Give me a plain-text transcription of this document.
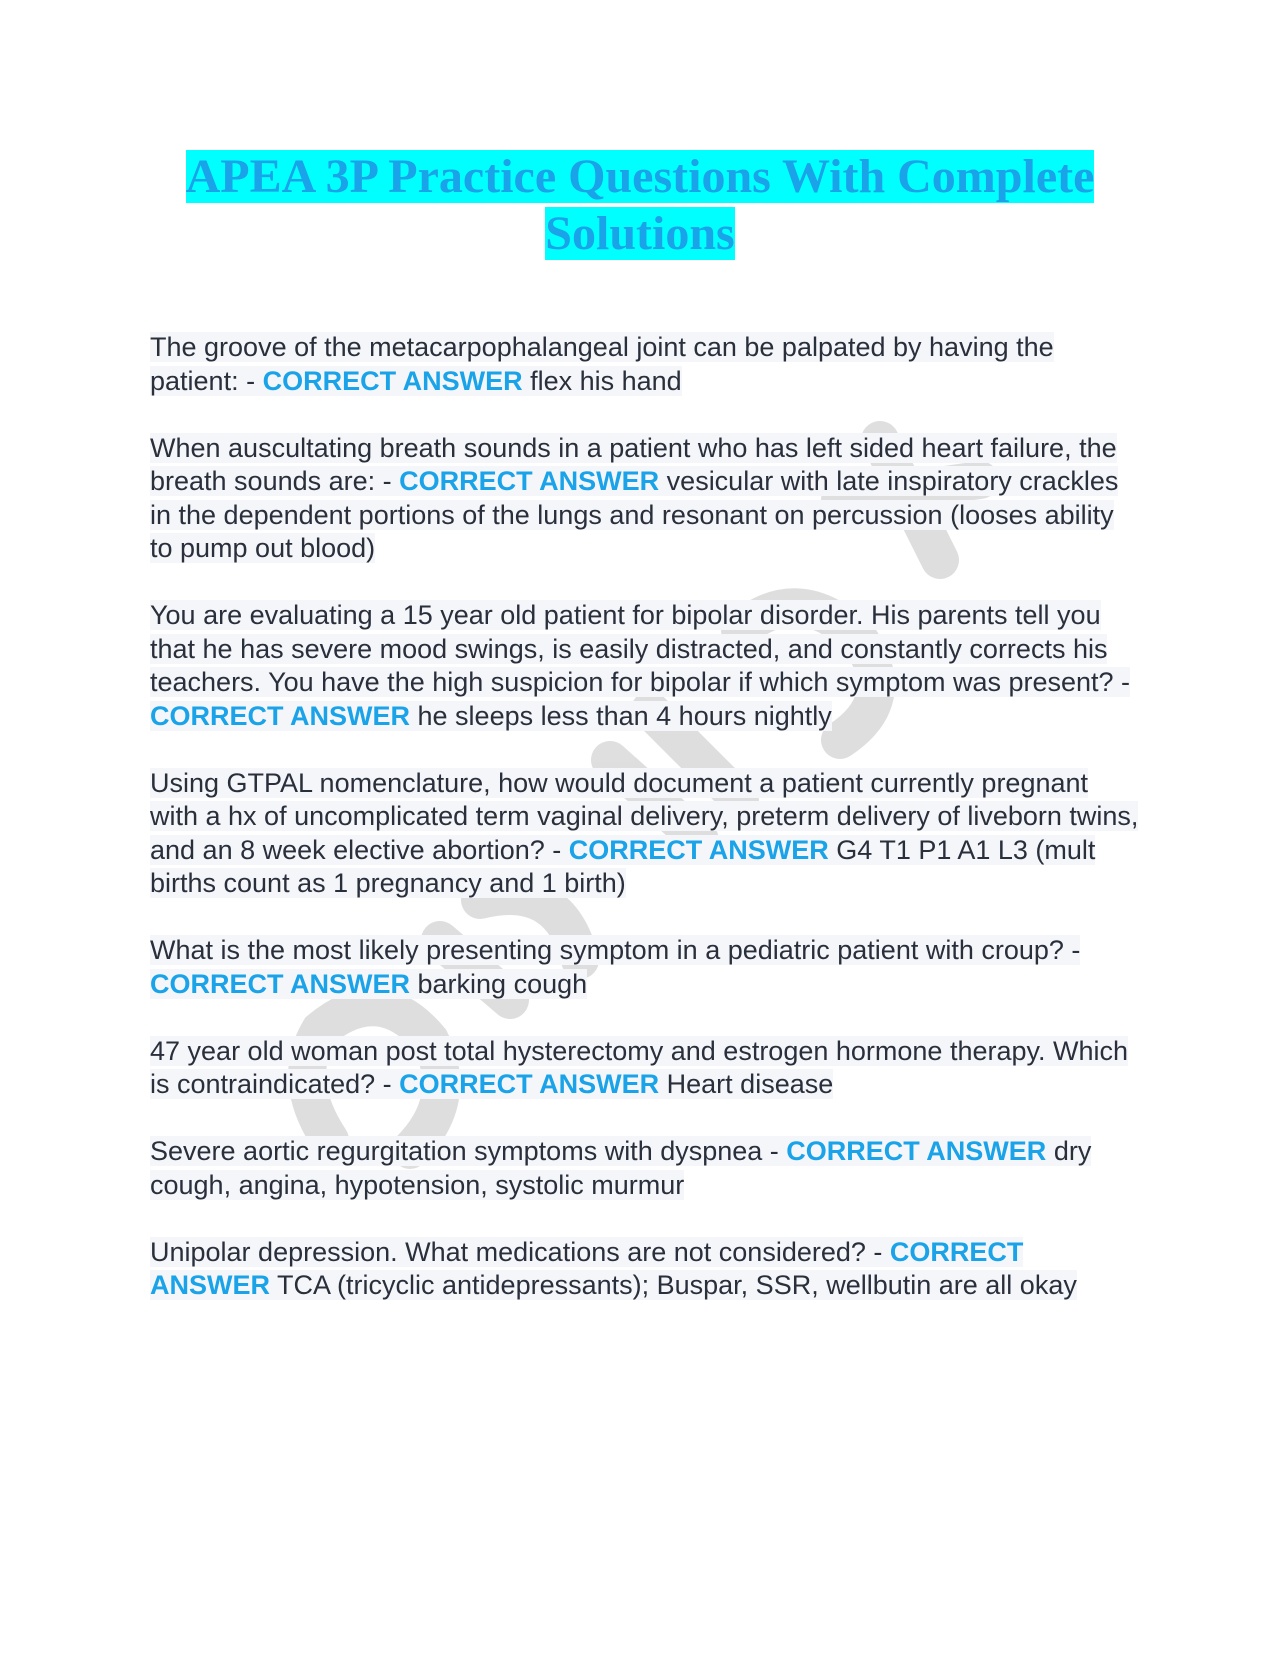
APEA 3P Practice Questions With Complete Solutions
The groove of the metacarpophalangeal joint can be palpated by having the patient: - CORRECT ANSWER flex his hand
When auscultating breath sounds in a patient who has left sided heart failure, the breath sounds are: - CORRECT ANSWER vesicular with late inspiratory crackles in the dependent portions of the lungs and resonant on percussion (looses ability to pump out blood)
You are evaluating a 15 year old patient for bipolar disorder. His parents tell you that he has severe mood swings, is easily distracted, and constantly corrects his teachers. You have the high suspicion for bipolar if which symptom was present? - CORRECT ANSWER he sleeps less than 4 hours nightly
Using GTPAL nomenclature, how would document a patient currently pregnant with a hx of uncomplicated term vaginal delivery, preterm delivery of liveborn twins, and an 8 week elective abortion? - CORRECT ANSWER G4 T1 P1 A1 L3 (mult births count as 1 pregnancy and 1 birth)
What is the most likely presenting symptom in a pediatric patient with croup? - CORRECT ANSWER barking cough
47 year old woman post total hysterectomy and estrogen hormone therapy. Which is contraindicated? - CORRECT ANSWER Heart disease
Severe aortic regurgitation symptoms with dyspnea - CORRECT ANSWER dry cough, angina, hypotension, systolic murmur
Unipolar depression. What medications are not considered? - CORRECT ANSWER TCA (tricyclic antidepressants); Buspar, SSR, wellbutin are all okay
